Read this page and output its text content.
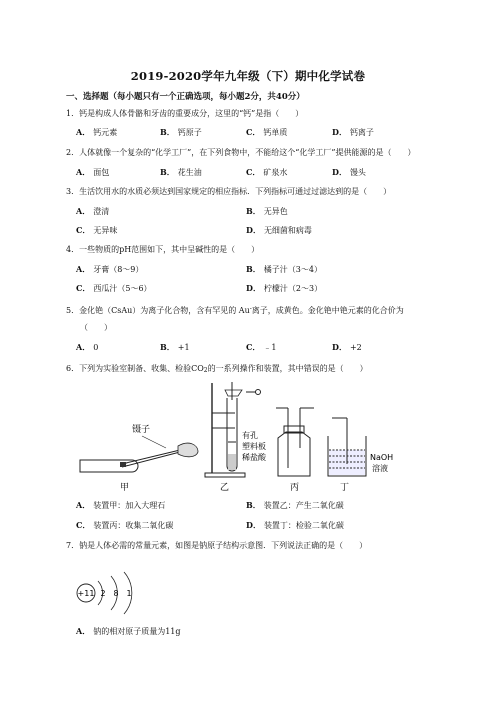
2019-2020学年九年级（下）期中化学试卷
一、选择题（每小题只有一个正确选项，每小题2分，共40分）
1．钙是构成人体骨骼和牙齿的重要成分，这里的“钙”是指（　　）
A． 钙元素	B． 钙原子	C． 钙单质	D． 钙离子
2．人体就像一个复杂的“化学工厂”，在下列食物中，不能给这个“化学工厂”提供能源的是（　　）
A． 面包	B． 花生油	C． 矿泉水	D． 馒头
3．生活饮用水的水质必须达到国家规定的相应指标．下列指标可通过过滤达到的是（　　）
A． 澄清	B． 无异色
C． 无异味	D． 无细菌和病毒
4．一些物质的pH范围如下，其中呈碱性的是（　　）
A． 牙膏（8～9）	B． 橘子汁（3～4）
C． 西瓜汁（5～6）	D． 柠檬汁（2～3）
5．金化铯（CsAu）为离子化合物，含有罕见的 Au-离子，成黄色。金化铯中铯元素的化合价为
（　　）
A． 0	B． +1	C． ﹣1	D． +2
6．下列为实验室制备、收集、检验CO2的一系列操作和装置，其中错误的是（　　）
镊子
甲
有孔
塑料板
稀盐酸
乙	丙
NaOH
溶液
丁
A． 装置甲：加入大理石	B． 装置乙：产生二氧化碳
C． 装置丙：收集二氧化碳	D． 装置丁：检验二氧化碳
7．钠是人体必需的常量元素，如图是钠原子结构示意图．下列说法正确的是（　　）
+11 2 8 1
A． 钠的相对原子质量为11g
